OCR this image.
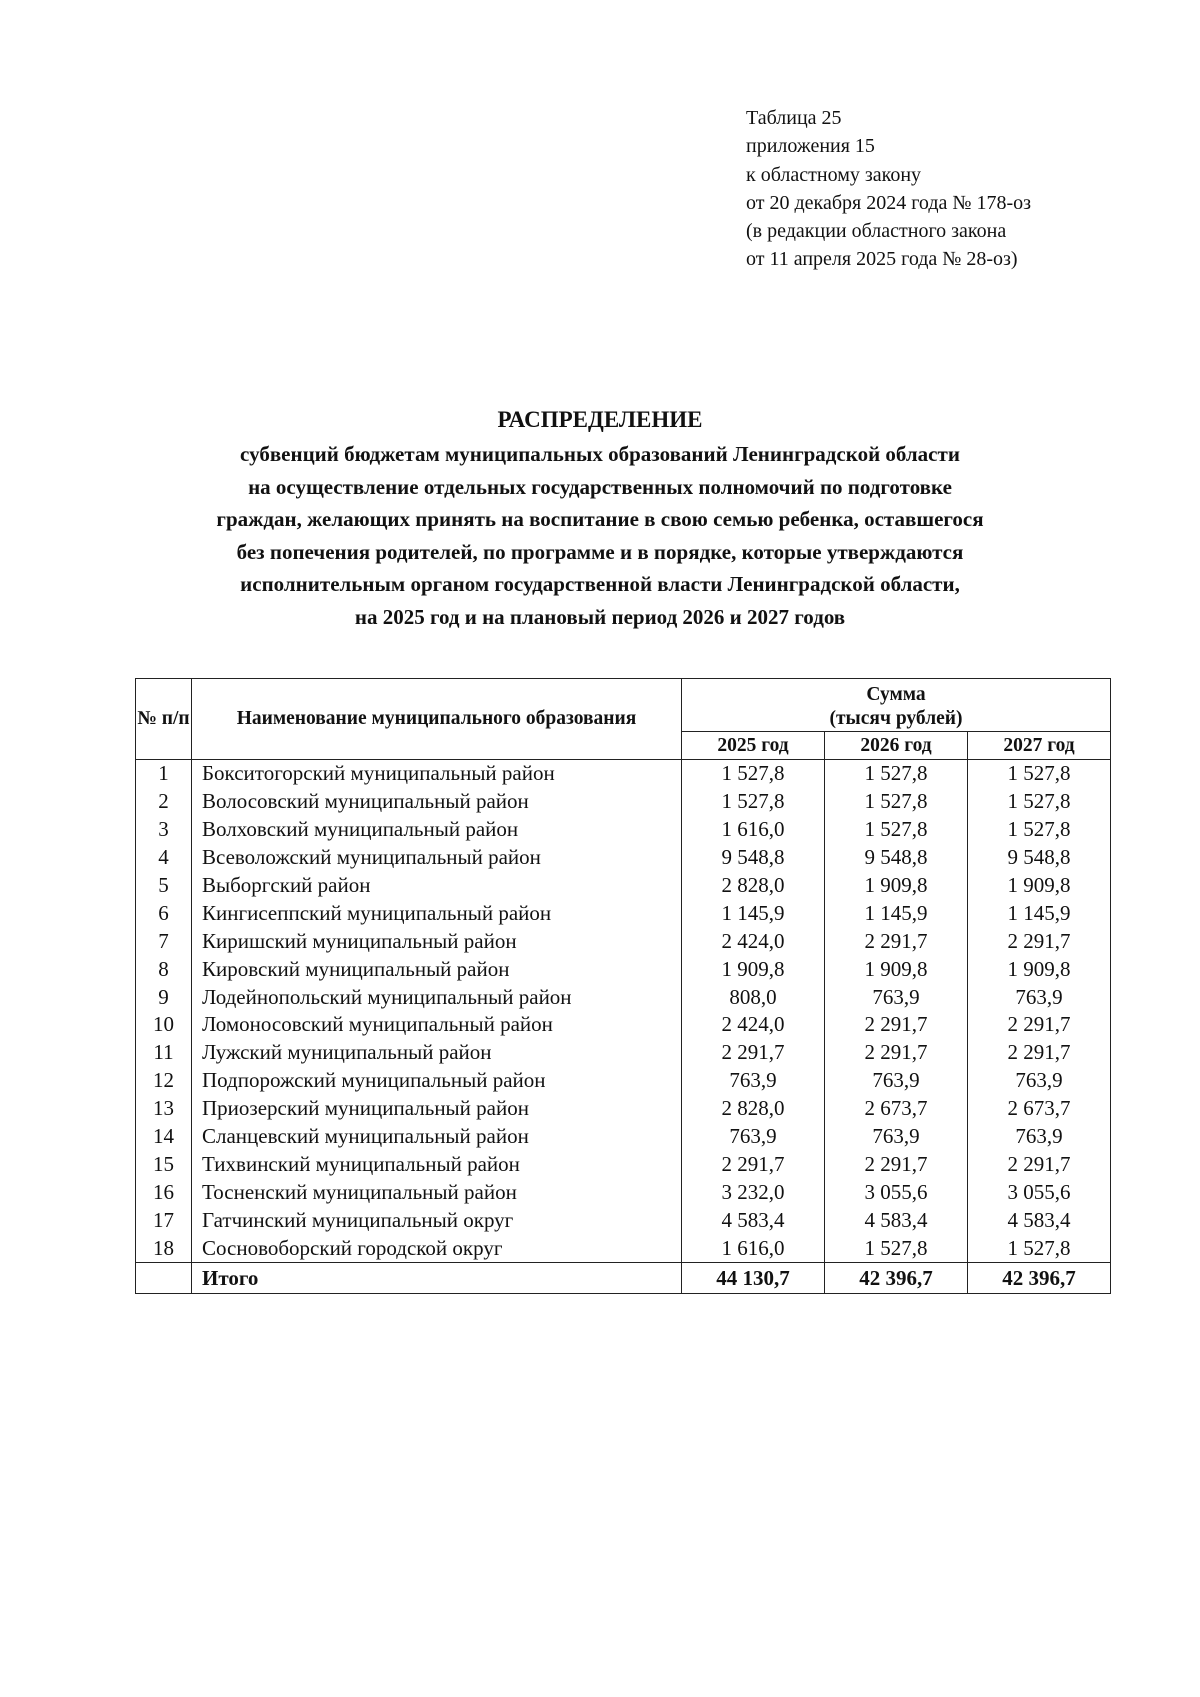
Таблица 25
приложения 15
к областному закону
от 20 декабря 2024 года № 178-оз
(в редакции областного закона
от 11 апреля 2025 года № 28-оз)
РАСПРЕДЕЛЕНИЕ
субвенций бюджетам муниципальных образований Ленинградской области
на осуществление отдельных государственных полномочий по подготовке
граждан, желающих принять на воспитание в свою семью ребенка, оставшегося
без попечения родителей, по программе и в порядке, которые утверждаются
исполнительным органом государственной власти Ленинградской области,
на 2025 год и на плановый период 2026 и 2027 годов
№ п/п	Наименование муниципального образования	Сумма
(тысяч рублей)		

		2025 год	2026 год	2027 год
1	Бокситогорский муниципальный район	1 527,8	1 527,8	1 527,8
2	Волосовский муниципальный район	1 527,8	1 527,8	1 527,8
3	Волховский муниципальный район	1 616,0	1 527,8	1 527,8
4	Всеволожский муниципальный район	9 548,8	9 548,8	9 548,8
5	Выборгский район	2 828,0	1 909,8	1 909,8
6	Кингисеппский муниципальный район	1 145,9	1 145,9	1 145,9
7	Киришский муниципальный район	2 424,0	2 291,7	2 291,7
8	Кировский муниципальный район	1 909,8	1 909,8	1 909,8
9	Лодейнопольский муниципальный район	808,0	763,9	763,9
10	Ломоносовский муниципальный район	2 424,0	2 291,7	2 291,7
11	Лужский муниципальный район	2 291,7	2 291,7	2 291,7
12	Подпорожский муниципальный район	763,9	763,9	763,9
13	Приозерский муниципальный район	2 828,0	2 673,7	2 673,7
14	Сланцевский муниципальный район	763,9	763,9	763,9
15	Тихвинский муниципальный район	2 291,7	2 291,7	2 291,7
16	Тосненский муниципальный район	3 232,0	3 055,6	3 055,6
17	Гатчинский муниципальный округ	4 583,4	4 583,4	4 583,4
18	Сосновоборский городской округ	1 616,0	1 527,8	1 527,8
	Итого	44 130,7	42 396,7	42 396,7
